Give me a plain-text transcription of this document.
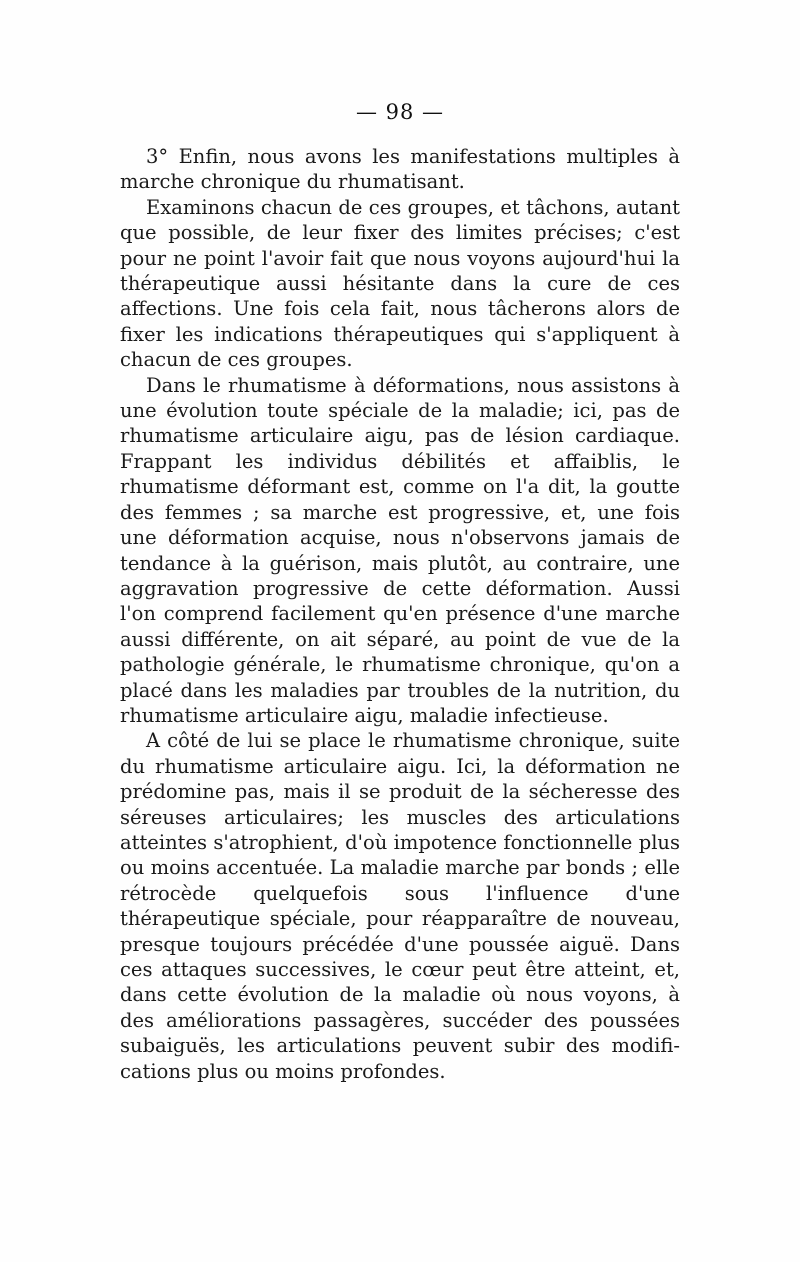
— 98 —

3° Enfin, nous avons les manifestations multiples à marche chronique du rhumatisant.

Examinons chacun de ces groupes, et tâchons, autant que possible, de leur fixer des limites précises; c'est pour ne point l'avoir fait que nous voyons aujourd'hui la thérapeutique aussi hésitante dans la cure de ces affections. Une fois cela fait, nous tâcherons alors de fixer les indications thérapeutiques qui s'appliquent à chacun de ces groupes.

Dans le rhumatisme à déformations, nous assistons à une évolution toute spéciale de la maladie; ici, pas de rhumatisme articulaire aigu, pas de lésion cardiaque. Frappant les individus débilités et affaiblis, le rhumatisme déformant est, comme on l'a dit, la goutte des femmes ; sa marche est progressive, et, une fois une déformation acquise, nous n'observons jamais de tendance à la guérison, mais plutôt, au contraire, une aggravation progressive de cette déformation. Aussi l'on comprend facilement qu'en présence d'une marche aussi différente, on ait séparé, au point de vue de la pathologie générale, le rhumatisme chronique, qu'on a placé dans les maladies par troubles de la nutrition, du rhumatisme articulaire aigu, maladie infectieuse.

A côté de lui se place le rhumatisme chronique, suite du rhumatisme articulaire aigu. Ici, la déformation ne prédomine pas, mais il se produit de la sécheresse des séreuses articulaires; les muscles des articulations atteintes s'atrophient, d'où impotence fonctionnelle plus ou moins accentuée. La maladie marche par bonds ; elle rétrocède quelquefois sous l'influence d'une thérapeutique spéciale, pour réapparaître de nouveau, presque toujours précédée d'une poussée aiguë. Dans ces attaques successives, le cœur peut être atteint, et, dans cette évolution de la maladie où nous voyons, à des améliorations passagères, succéder des poussées subaiguës, les articulations peuvent subir des modifications plus ou moins profondes.
